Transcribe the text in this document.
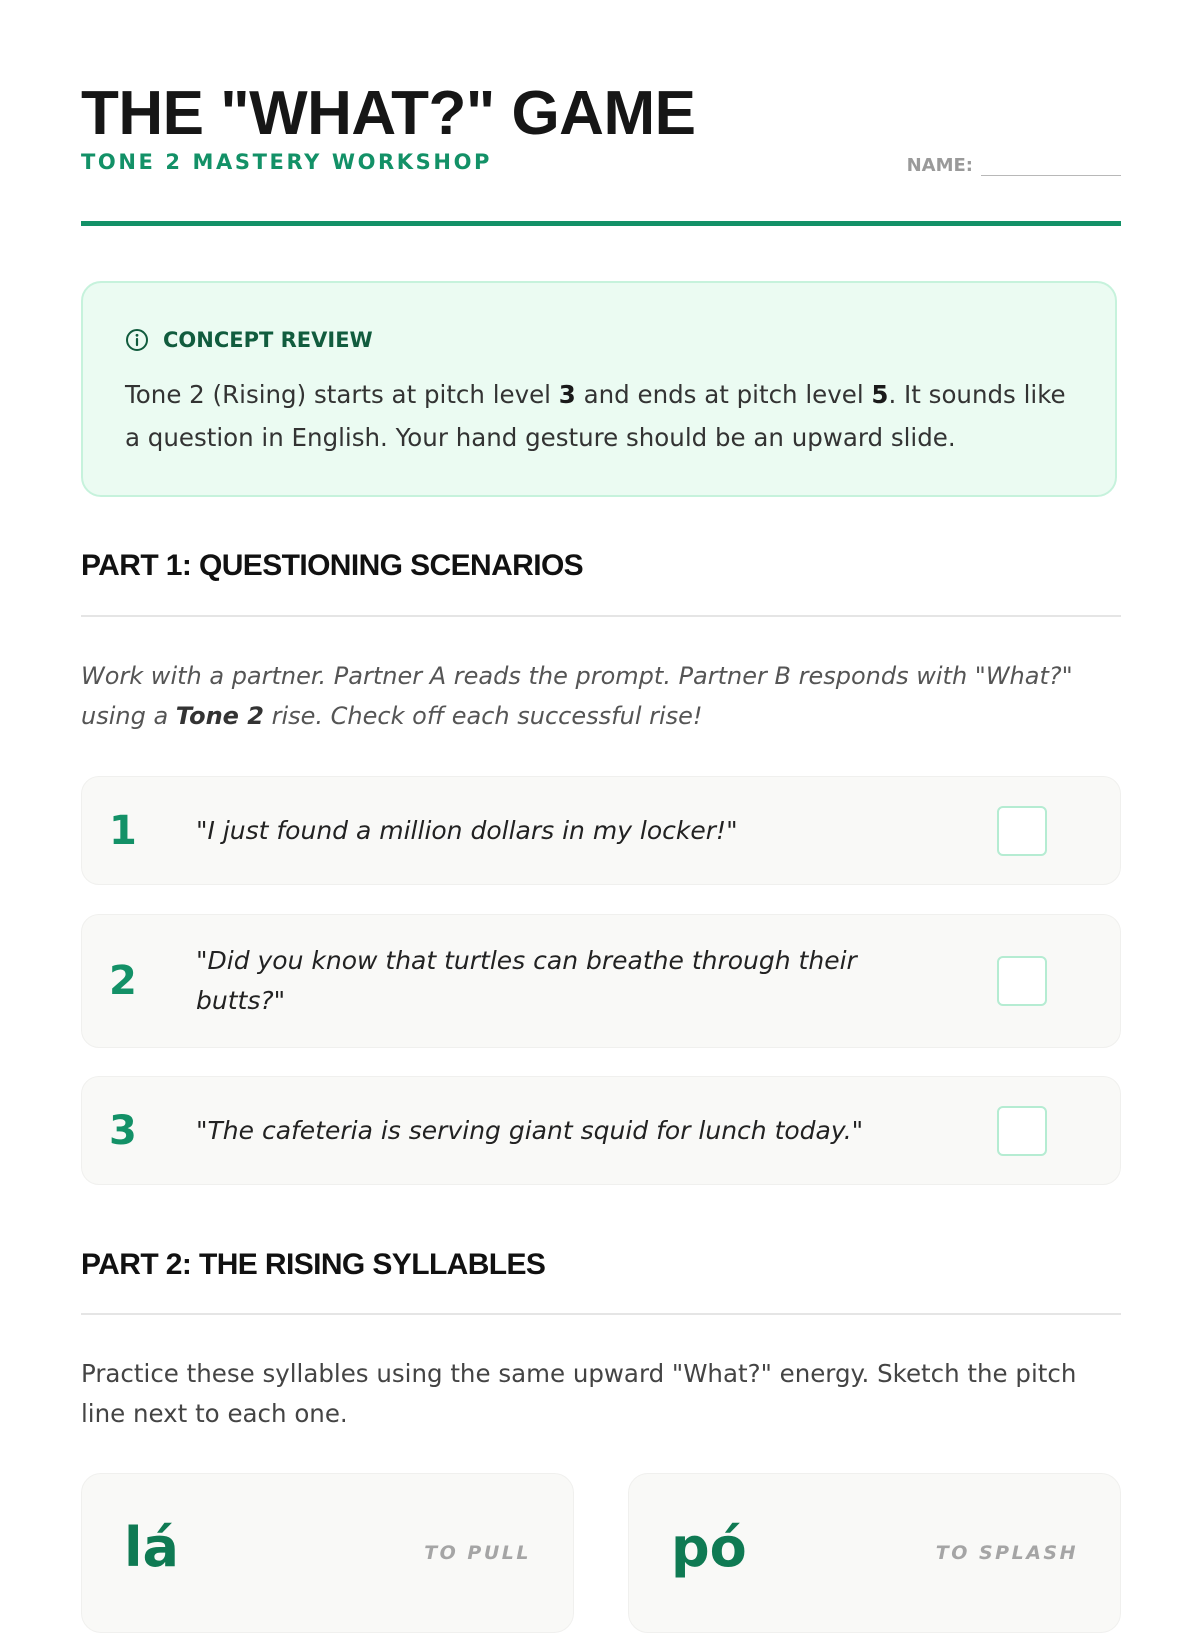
THE "WHAT?" GAME
TONE 2 MASTERY WORKSHOP	NAME:
CONCEPT REVIEW
Tone 2 (Rising) starts at pitch level 3 and ends at pitch level 5. It sounds like a question in English. Your hand gesture should be an upward slide.
PART 1: QUESTIONING SCENARIOS
Work with a partner. Partner A reads the prompt. Partner B responds with "What?" using a Tone 2 rise. Check off each successful rise!
1 "I just found a million dollars in my locker!"
2 "Did you know that turtles can breathe through their butts?"
3 "The cafeteria is serving giant squid for lunch today."
PART 2: THE RISING SYLLABLES
Practice these syllables using the same upward "What?" energy. Sketch the pitch line next to each one.
lá	TO PULL	pó	TO SPLASH
